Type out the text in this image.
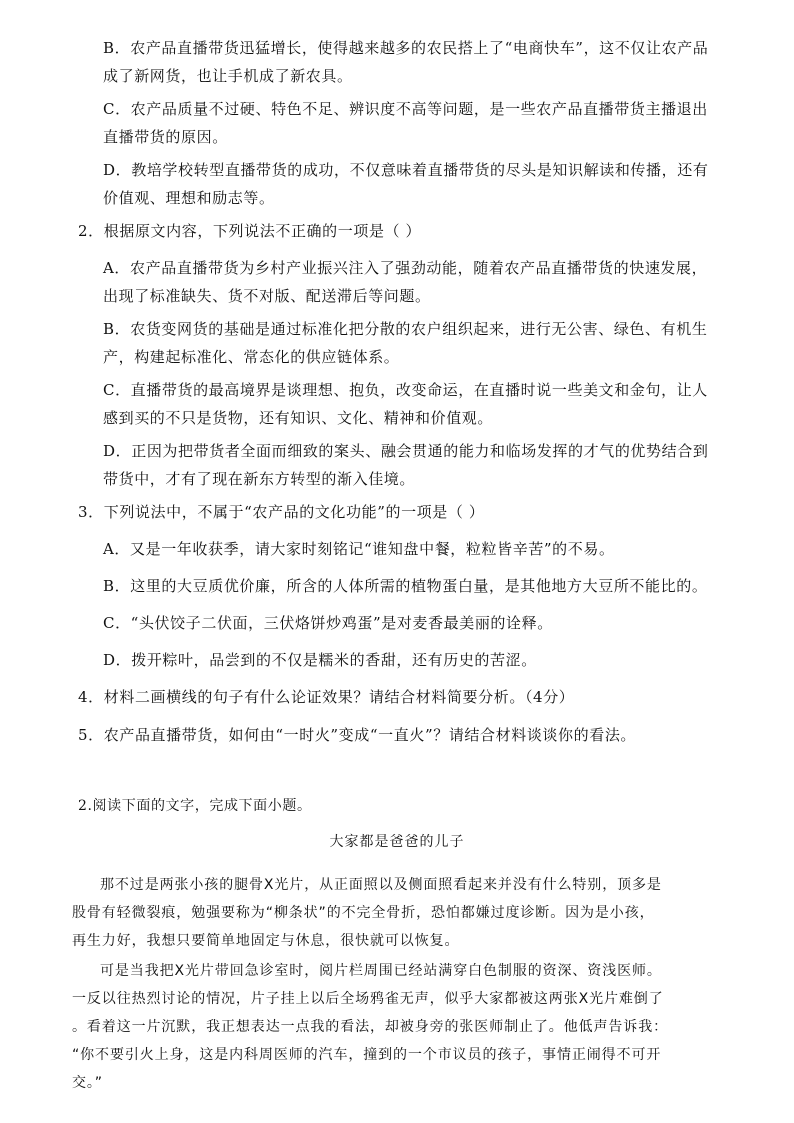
B．农产品直播带货迅猛增长，使得越来越多的农民搭上了“电商快车”，这不仅让农产品
成了新网货，也让手机成了新农具。
C．农产品质量不过硬、特色不足、辨识度不高等问题，是一些农产品直播带货主播退出
直播带货的原因。
D．教培学校转型直播带货的成功，不仅意味着直播带货的尽头是知识解读和传播，还有
价值观、理想和励志等。
2．根据原文内容，下列说法不正确的一项是（ ）
A．农产品直播带货为乡村产业振兴注入了强劲动能，随着农产品直播带货的快速发展，
出现了标准缺失、货不对版、配送滞后等问题。
B．农货变网货的基础是通过标准化把分散的农户组织起来，进行无公害、绿色、有机生
产，构建起标准化、常态化的供应链体系。
C．直播带货的最高境界是谈理想、抱负，改变命运，在直播时说一些美文和金句，让人
感到买的不只是货物，还有知识、文化、精神和价值观。
D．正因为把带货者全面而细致的案头、融会贯通的能力和临场发挥的才气的优势结合到
带货中，才有了现在新东方转型的渐入佳境。
3．下列说法中，不属于“农产品的文化功能”的一项是（ ）
A．又是一年收获季，请大家时刻铭记“谁知盘中餐，粒粒皆辛苦”的不易。
B．这里的大豆质优价廉，所含的人体所需的植物蛋白量，是其他地方大豆所不能比的。
C．“头伏饺子二伏面，三伏烙饼炒鸡蛋”是对麦香最美丽的诠释。
D．拨开粽叶，品尝到的不仅是糯米的香甜，还有历史的苦涩。
4．材料二画横线的句子有什么论证效果？请结合材料简要分析。（4分）
5．农产品直播带货，如何由“一时火”变成“一直火”？请结合材料谈谈你的看法。
2.阅读下面的文字，完成下面小题。
大家都是爸爸的儿子
那不过是两张小孩的腿骨X光片，从正面照以及侧面照看起来并没有什么特别，顶多是
股骨有轻微裂痕，勉强要称为“柳条状”的不完全骨折，恐怕都嫌过度诊断。因为是小孩，
再生力好，我想只要简单地固定与休息，很快就可以恢复。
可是当我把X光片带回急诊室时，阅片栏周围已经站满穿白色制服的资深、资浅医师。
一反以往热烈讨论的情况，片子挂上以后全场鸦雀无声，似乎大家都被这两张X光片难倒了
。看着这一片沉默，我正想表达一点我的看法，却被身旁的张医师制止了。他低声告诉我：
“你不要引火上身，这是内科周医师的汽车，撞到的一个市议员的孩子，事情正闹得不可开
交。”
